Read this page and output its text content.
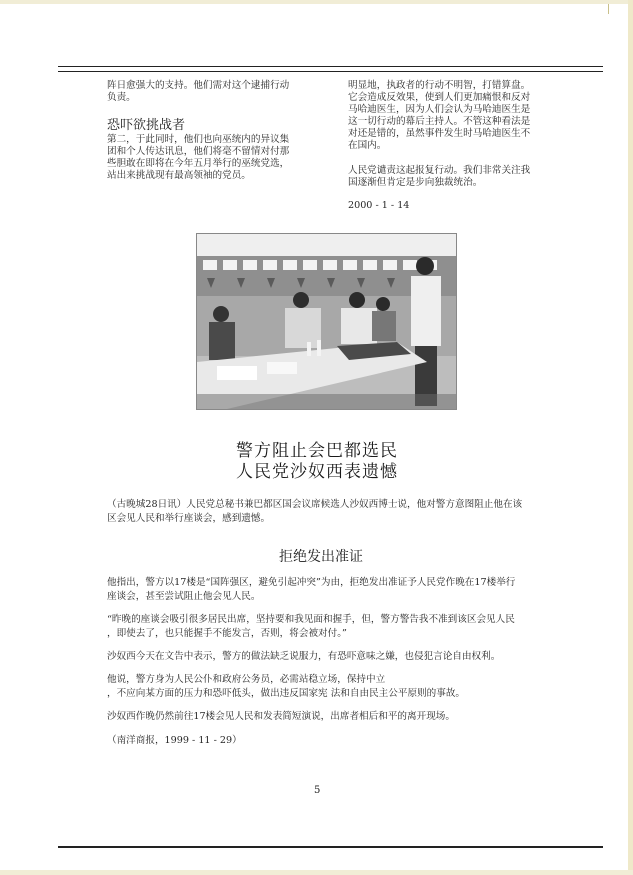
阵日愈强大的支持。他们需对这个逮捕行动
负责。
恐吓欲挑战者
第二，于此同时，他们也向巫统内的异议集
团和个人传达讯息，他们将毫不留情对付那
些胆敢在即将在今年五月举行的巫统党选，
站出来挑战现有最高领袖的党员。
明显地，执政者的行动不明智，打错算盘。
它会造成反效果，使到人们更加痛恨和反对
马哈迪医生，因为人们会认为马哈迪医生是
这一切行动的幕后主持人。不管这种看法是
对还是错的，虽然事件发生时马哈迪医生不
在国内。
人民党谴责这起报复行动。我们非常关注我
国逐渐但肯定是步向独裁统治。
2000 - 1 - 14
警方阻止会巴都选民
人民党沙奴西表遗憾
（古晚城28日讯）人民党总秘书兼巴都区国会议席候选人沙奴西博士说，他对警方意图阻止他在该
区会见人民和举行座谈会，感到遗憾。
拒绝发出准证
他指出，警方以17楼是“国阵强区，避免引起冲突”为由，拒绝发出准证予人民党作晚在17楼举行
座谈会，甚至尝试阻止他会见人民。
“昨晚的座谈会吸引很多居民出席，坚持要和我见面和握手，但，警方警告我不准到该区会见人民
，即使去了，也只能握手不能发言，否则，将会被对付。”
沙奴西今天在文告中表示，警方的做法缺乏说服力，有恐吓意味之嫌，也侵犯言论自由权利。
他说，警方身为人民公仆和政府公务员，必需站稳立场，保持中立
，不应向某方面的压力和恐吓低头，做出违反国家宪 法和自由民主公平原则的事故。
沙奴西作晚仍然前往17楼会见人民和发表简短演说，出席者相后和平的离开现场。
（南洋商报，1999 - 11 - 29）
5
